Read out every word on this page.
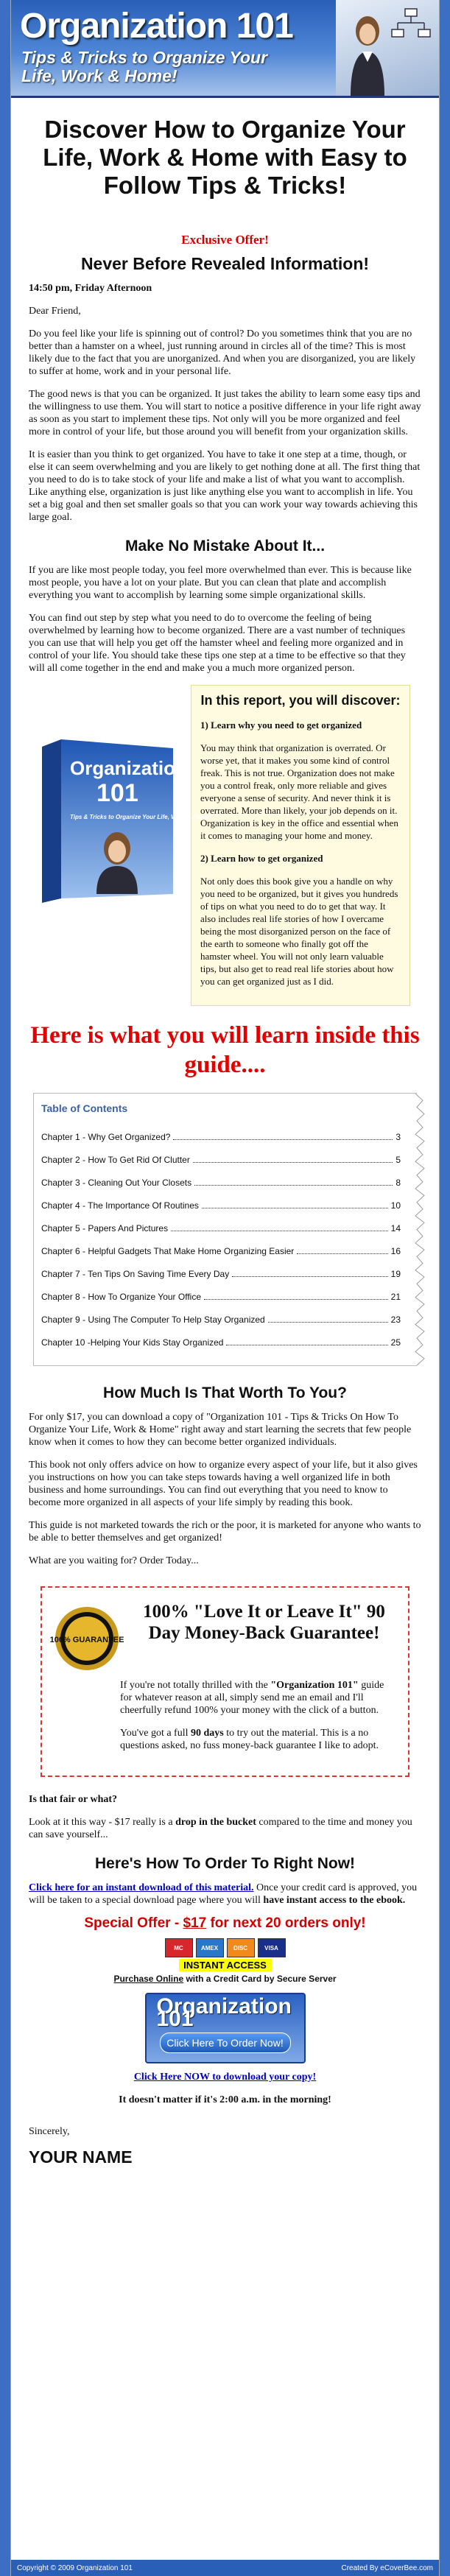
Organization 101
Tips & Tricks to Organize Your
Life, Work & Home!
Discover How to Organize Your Life, Work & Home with Easy to Follow Tips & Tricks!
Exclusive Offer!
Never Before Revealed Information!

14:50 pm, Friday Afternoon

Dear Friend,

Do you feel like your life is spinning out of control? Do you sometimes think that you are no better than a hamster on a wheel, just running around in circles all of the time? This is most likely due to the fact that you are unorganized. And when you are disorganized, you are likely to suffer at home, work and in your personal life.

The good news is that you can be organized. It just takes the ability to learn some easy tips and the willingness to use them. You will start to notice a positive difference in your life right away as soon as you start to implement these tips. Not only will you be more organized and feel more in control of your life, but those around you will benefit from your organization skills.

It is easier than you think to get organized. You have to take it one step at a time, though, or else it can seem overwhelming and you are likely to get nothing done at all. The first thing that you need to do is to take stock of your life and make a list of what you want to accomplish. Like anything else, organization is just like anything else you want to accomplish in life. You set a big goal and then set smaller goals so that you can work your way towards achieving this large goal.

Make No Mistake About It...

If you are like most people today, you feel more overwhelmed than ever. This is because like most people, you have a lot on your plate. But you can clean that plate and accomplish everything you want to accomplish by learning some simple organizational skills.

You can find out step by step what you need to do to overcome the feeling of being overwhelmed by learning how to become organized. There are a vast number of techniques you can use that will help you get off the hamster wheel and feeling more organized and in control of your life. You should take these tips one step at a time to be effective so that they will all come together in the end and make you a much more organized person.

Organization
101
Tips & Tricks to Organize Your Life, Work & Home!
In this report, you will discover:
1) Learn why you need to get organized

You may think that organization is overrated. Or worse yet, that it makes you some kind of control freak. This is not true. Organization does not make you a control freak, only more reliable and gives everyone a sense of security. And never think it is overrated. More than likely, your job depends on it. Organization is key in the office and essential when it comes to managing your home and money.

2) Learn how to get organized

Not only does this book give you a handle on why you need to be organized, but it gives you hundreds of tips on what you need to do to get that way. It also includes real life stories of how I overcame being the most disorganized person on the face of the earth to someone who finally got off the hamster wheel. You will not only learn valuable tips, but also get to read real life stories about how you can get organized just as I did.

Here is what you will learn inside this guide....
Table of Contents
Chapter 1 - Why Get Organized?	3
Chapter 2 - How To Get Rid Of Clutter	5
Chapter 3 - Cleaning Out Your Closets	8
Chapter 4 - The Importance Of Routines	10
Chapter 5 - Papers And Pictures	14
Chapter 6 - Helpful Gadgets That Make Home Organizing Easier	16
Chapter 7 - Ten Tips On Saving Time Every Day	19
Chapter 8 - How To Organize Your Office	21
Chapter 9 - Using The Computer To Help Stay Organized	23
Chapter 10 -Helping Your Kids Stay Organized	25
How Much Is That Worth To You?

For only $17, you can download a copy of "Organization 101 - Tips & Tricks On How To Organize Your Life, Work & Home" right away and start learning the secrets that few people know when it comes to how they can become better organized individuals.

This book not only offers advice on how to organize every aspect of your life, but it also gives you instructions on how you can take steps towards having a well organized life in both business and home surroundings. You can find out everything that you need to know to become more organized in all aspects of your life simply by reading this book.

This guide is not marketed towards the rich or the poor, it is marketed for anyone who wants to be able to better themselves and get organized!

What are you waiting for? Order Today...

100% GUARANTEE
100% "Love It or Leave It" 90 Day Money-Back Guarantee!

If you're not totally thrilled with the "Organization 101" guide for whatever reason at all, simply send me an email and I'll cheerfully refund 100% your money with the click of a button.

You've got a full 90 days to try out the material. This is a no questions asked, no fuss money-back guarantee I like to adopt.

Is that fair or what?

Look at it this way - $17 really is a drop in the bucket compared to the time and money you can save yourself...

Here's How To Order To Right Now!

Click here for an instant download of this material. Once your credit card is approved, you will be taken to a special download page where you will have instant access to the ebook.

Special Offer - $17 for next 20 orders only!
MC	AMEX	DISC	VISA
INSTANT ACCESS
Purchase Online with a Credit Card by Secure Server
Organization 101
Click Here To Order Now!

Click Here NOW to download your copy!

It doesn't matter if it's 2:00 a.m. in the morning!

Sincerely,

YOUR NAME
Copyright © 2009 Organization 101	Created By eCoverBee.com
